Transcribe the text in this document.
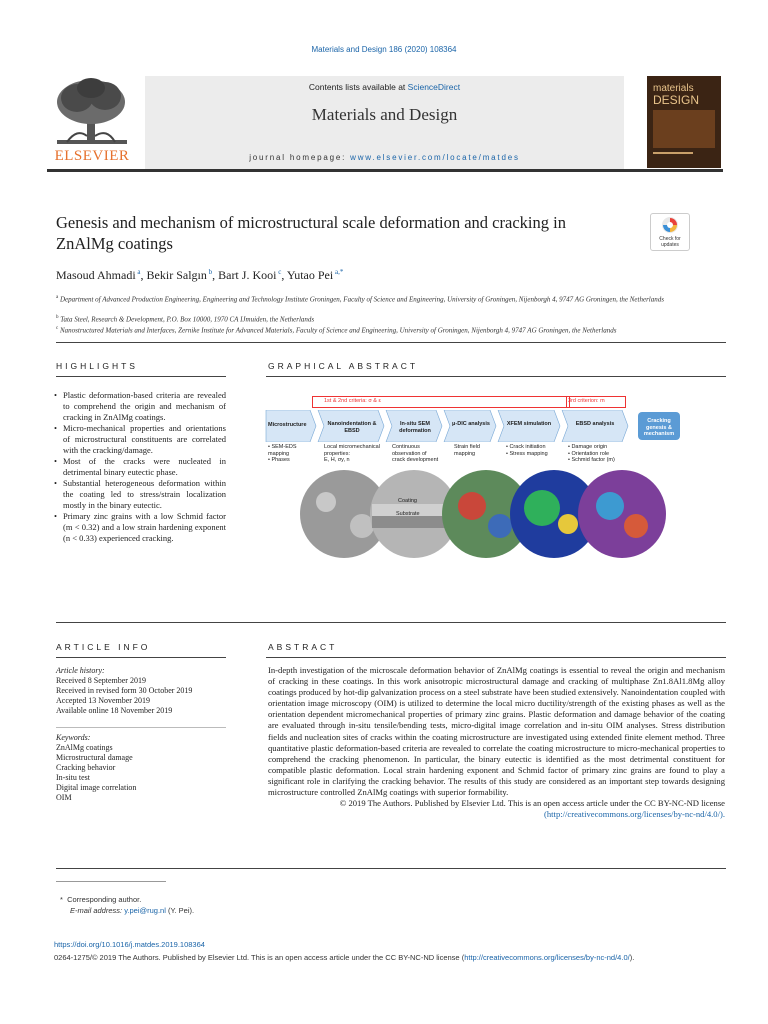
Materials and Design 186 (2020) 108364
ELSEVIER
Contents lists available at ScienceDirect
Materials and Design
journal homepage: www.elsevier.com/locate/matdes
materials
DESIGN
Genesis and mechanism of microstructural scale deformation and cracking in ZnAlMg coatings	Check for
updates
Masoud Ahmadi $^a$, Bekir Salgın $^b$, Bart J. Kooi $^c$, Yutao Pei $^{a,*}$
$^a$ Department of Advanced Production Engineering, Engineering and Technology Institute Groningen, Faculty of Science and Engineering, University of Groningen, Nijenborgh 4, 9747 AG Groningen, the Netherlands
$^b$ Tata Steel, Research & Development, P.O. Box 10000, 1970 CA IJmuiden, the Netherlands
$^c$ Nanostructured Materials and Interfaces, Zernike Institute for Advanced Materials, Faculty of Science and Engineering, University of Groningen, Nijenborgh 4, 9747 AG Groningen, the Netherlands
HIGHLIGHTS
• Plastic deformation-based criteria are revealed to comprehend the origin and mechanism of cracking in ZnAlMg coatings.
• Micro-mechanical properties and orientations of microstructural constituents are correlated with the cracking/damage.
• Most of the cracks were nucleated in detrimental binary eutectic phase.
• Substantial heterogeneous deformation within the coating led to stress/strain localization mostly in the binary eutectic.
• Primary zinc grains with a low Schmid factor (m < 0.32) and a low strain hardening exponent (n < 0.33) experienced cracking.
GRAPHICAL ABSTRACT
1st & 2nd criteria: σ & ε	3rd criterion: m
Microstructure	Nanoindentation & EBSD
In-situ SEM deformation
μ-DIC analysis	XFEM simulation	EBSD analysis	Cracking genesis & mechanism
• SEM-EDS mapping
• Phases
Local micromechanical properties:
E, H, σy, n
Continuous observation of crack development
Strain field mapping
• Crack initiation
• Stress mapping
• Damage origin
• Orientation role
• Schmid factor (m)
Coating
Substrate
ARTICLE INFO
Article history:
Received 8 September 2019
Received in revised form 30 October 2019
Accepted 13 November 2019
Available online 18 November 2019
Keywords:
ZnAlMg coatings
Microstructural damage
Cracking behavior
In-situ test
Digital image correlation
OIM
ABSTRACT
In-depth investigation of the microscale deformation behavior of ZnAlMg coatings is essential to reveal the origin and mechanism of cracking in these coatings. In this work anisotropic microstructural damage and cracking of multiphase Zn1.8Al1.8Mg alloy coatings produced by hot-dip galvanization process on a steel substrate have been studied extensively. Nanoindentation coupled with orientation image microscopy (OIM) is utilized to determine the local micro ductility/strength of the existing phases as well as the orientation dependent micromechanical properties of primary zinc grains. Plastic deformation and damage behavior of the coating are evaluated through in-situ tensile/bending tests, micro-digital image correlation and in-situ OIM analyses. Stress distribution fields and nucleation sites of cracks within the coating microstructure are investigated using extended finite element method. Three quantitative plastic deformation-based criteria are revealed to correlate the coating microstructure to micro-mechanical properties to comprehend the cracking phenomenon. In particular, the binary eutectic is identified as the most detrimental constituent for compatible plastic deformation. Local strain hardening exponent and Schmid factor of primary zinc grains are found to play a significant role in clarifying the cracking behavior. The results of this study are considered as an important step towards designing microstructure controlled ZnAlMg coatings with superior formability.
© 2019 The Authors. Published by Elsevier Ltd. This is an open access article under the CC BY-NC-ND license
(http://creativecommons.org/licenses/by-nc-nd/4.0/).
* Corresponding author.
E-mail address: y.pei@rug.nl (Y. Pei).
https://doi.org/10.1016/j.matdes.2019.108364
0264-1275/© 2019 The Authors. Published by Elsevier Ltd. This is an open access article under the CC BY-NC-ND license (http://creativecommons.org/licenses/by-nc-nd/4.0/).
